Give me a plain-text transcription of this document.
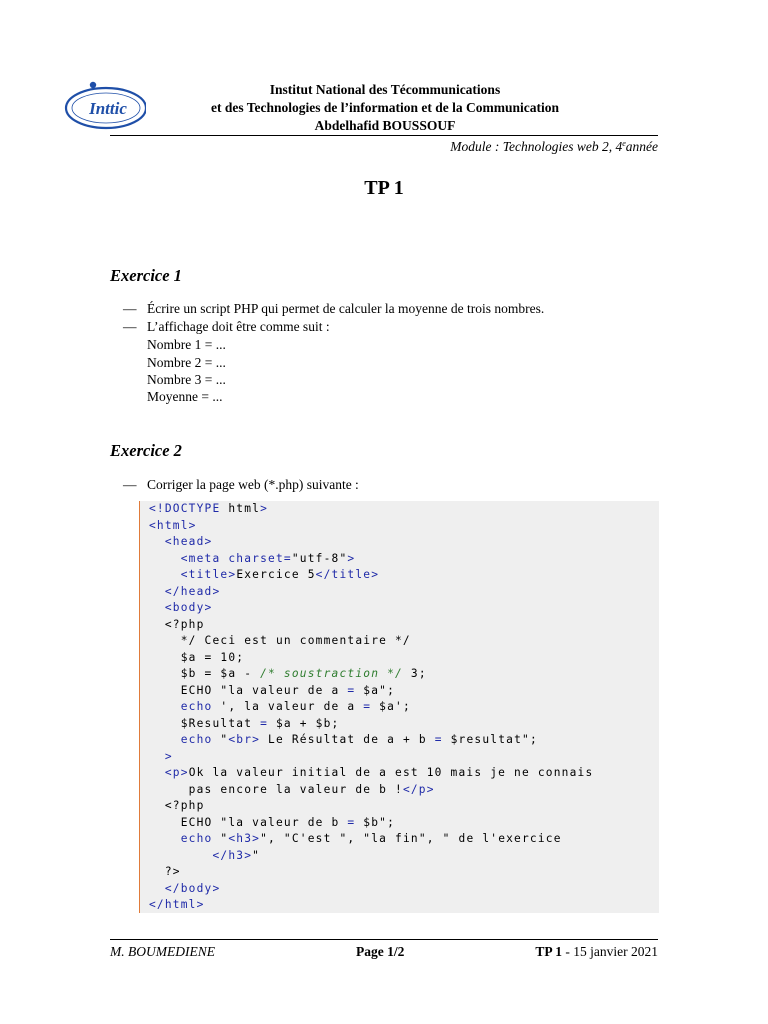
Inttic
Institut National des Técommunications
et des Technologies de l’information et de la Communication
Abdelhafid BOUSSOUF
Module : Technologies web 2, 4eannée
TP 1
Exercice 1
— Écrire un script PHP qui permet de calculer la moyenne de trois nombres.
— L’affichage doit être comme suit :
Nombre 1 = ...
Nombre 2 = ...
Nombre 3 = ...
Moyenne = ...
Exercice 2
— Corriger la page web (*.php) suivante :
<!DOCTYPE html>
<html>
<head>
<meta charset="utf-8">
<title>Exercice 5</title>
</head>
<body>
<?php
*/ Ceci est un commentaire */
$a = 10;
$b = $a - /* soustraction */ 3;
ECHO "la valeur de a = $a";
echo ', la valeur de a = $a';
$Resultat = $a + $b;
echo "<br> Le Résultat de a + b = $resultat";
>
<p>Ok la valeur initial de a est 10 mais je ne connais
pas encore la valeur de b !</p>
<?php
ECHO "la valeur de b = $b";
echo "<h3>", "C'est ", "la fin", " de l'exercice
</h3>"
?>
</body>
</html>
M. BOUMEDIENE	Page 1/2	TP 1 - 15 janvier 2021
